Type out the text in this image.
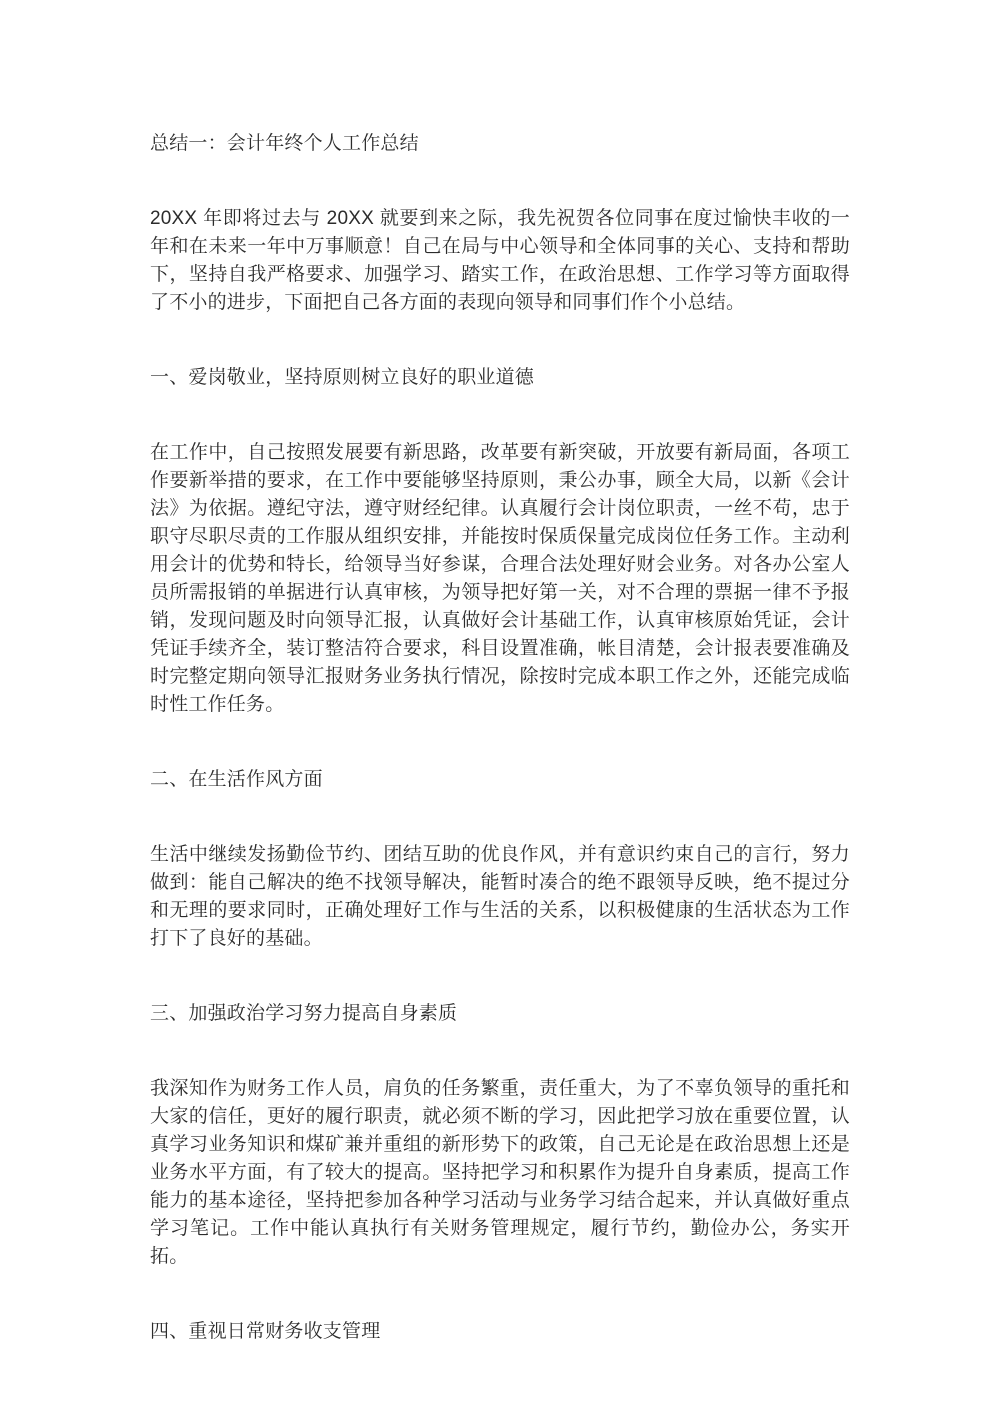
总结一：会计年终个人工作总结

20XX 年即将过去与 20XX 就要到来之际，我先祝贺各位同事在度过愉快丰收的一年和在未来一年中万事顺意！自己在局与中心领导和全体同事的关心、支持和帮助下，坚持自我严格要求、加强学习、踏实工作，在政治思想、工作学习等方面取得了不小的进步，下面把自己各方面的表现向领导和同事们作个小总结。

一、爱岗敬业，坚持原则树立良好的职业道德

在工作中，自己按照发展要有新思路，改革要有新突破，开放要有新局面，各项工作要新举措的要求，在工作中要能够坚持原则，秉公办事，顾全大局，以新《会计法》为依据。遵纪守法，遵守财经纪律。认真履行会计岗位职责，一丝不苟，忠于职守尽职尽责的工作服从组织安排，并能按时保质保量完成岗位任务工作。主动利用会计的优势和特长，给领导当好参谋，合理合法处理好财会业务。对各办公室人员所需报销的单据进行认真审核，为领导把好第一关，对不合理的票据一律不予报销，发现问题及时向领导汇报，认真做好会计基础工作，认真审核原始凭证，会计凭证手续齐全，装订整洁符合要求，科目设置准确，帐目清楚，会计报表要准确及时完整定期向领导汇报财务业务执行情况，除按时完成本职工作之外，还能完成临时性工作任务。

二、在生活作风方面

生活中继续发扬勤俭节约、团结互助的优良作风，并有意识约束自己的言行，努力做到：能自己解决的绝不找领导解决，能暂时凑合的绝不跟领导反映，绝不提过分和无理的要求同时，正确处理好工作与生活的关系，以积极健康的生活状态为工作打下了良好的基础。

三、加强政治学习努力提高自身素质

我深知作为财务工作人员，肩负的任务繁重，责任重大，为了不辜负领导的重托和大家的信任，更好的履行职责，就必须不断的学习，因此把学习放在重要位置，认真学习业务知识和煤矿兼并重组的新形势下的政策，自己无论是在政治思想上还是业务水平方面，有了较大的提高。坚持把学习和积累作为提升自身素质，提高工作能力的基本途径，坚持把参加各种学习活动与业务学习结合起来，并认真做好重点学习笔记。工作中能认真执行有关财务管理规定，履行节约，勤俭办公，务实开拓。

四、重视日常财务收支管理
